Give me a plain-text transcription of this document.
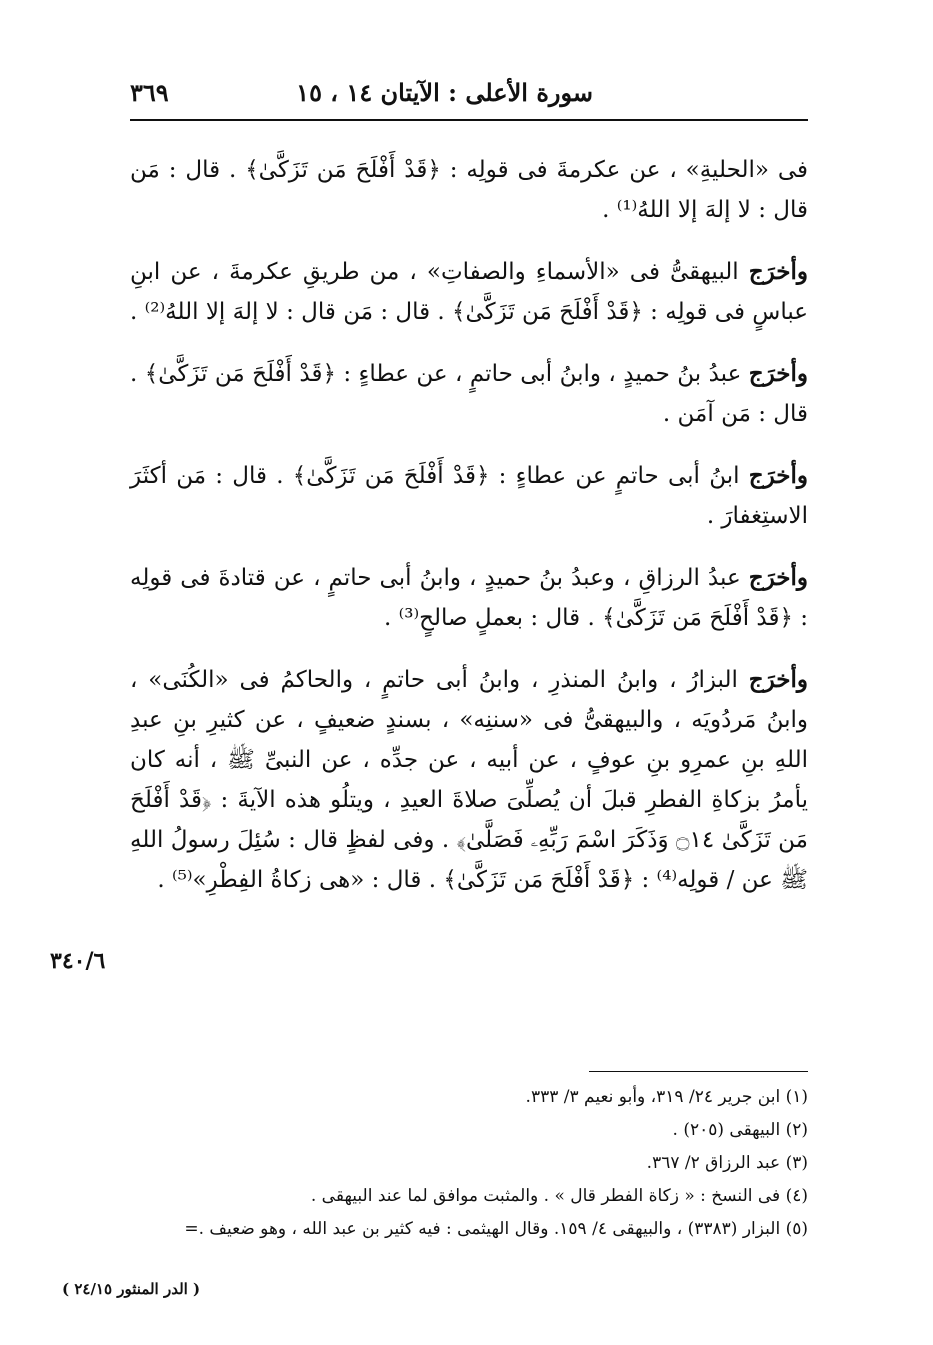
سورة الأعلى : الآيتان ١٤ ، ١٥
٣٦٩

فى «الحليةِ» ، عن عكرمةَ فى قولِه : ﴿قَدْ أَفْلَحَ مَن تَزَكَّىٰ﴾ . قال : مَن قال : لا إلهَ إلا اللهُ⁽¹⁾ .

وأخرَج البيهقىُّ فى «الأسماءِ والصفاتِ» ، من طريقِ عكرمةَ ، عن ابنِ عباسٍ فى قولِه : ﴿قَدْ أَفْلَحَ مَن تَزَكَّىٰ﴾ . قال : مَن قال : لا إلهَ إلا اللهُ⁽²⁾ .

وأخرَج عبدُ بنُ حميدٍ ، وابنُ أبى حاتمٍ ، عن عطاءٍ : ﴿قَدْ أَفْلَحَ مَن تَزَكَّىٰ﴾ . قال : مَن آمَن .

وأخرَج ابنُ أبى حاتمٍ عن عطاءٍ : ﴿قَدْ أَفْلَحَ مَن تَزَكَّىٰ﴾ . قال : مَن أكثَرَ الاستِغفارَ .

وأخرَج عبدُ الرزاقِ ، وعبدُ بنُ حميدٍ ، وابنُ أبى حاتمٍ ، عن قتادةَ فى قولِه : ﴿قَدْ أَفْلَحَ مَن تَزَكَّىٰ﴾ . قال : بعملٍ صالحٍ⁽³⁾ .

وأخرَج البزارُ ، وابنُ المنذرِ ، وابنُ أبى حاتمٍ ، والحاكمُ فى «الكُنَى» ، وابنُ مَردُويَه ، والبيهقىُّ فى «سننِه» ، بسندٍ ضعيفٍ ، عن كثيرِ بنِ عبدِ اللهِ بنِ عمرِو بنِ عوفٍ ، عن أبيه ، عن جدِّه ، عن النبىِّ ﷺ ، أنه كان يأمرُ بزكاةِ الفطرِ قبلَ أن يُصلِّىَ صلاةَ العيدِ ، ويتلُو هذه الآيةَ : ﴿قَدْ أَفْلَحَ مَن تَزَكَّىٰ ۝١٤ وَذَكَرَ اسْمَ رَبِّهِۦ فَصَلَّىٰ﴾ . وفى لفظٍ قال : سُئِلَ رسولُ اللهِ ﷺ عن / قولِه⁽⁴⁾ : ﴿قَدْ أَفْلَحَ مَن تَزَكَّىٰ﴾ . قال : «هى زكاةُ الفِطْرِ»⁽⁵⁾ .

٣٤٠/٦
(١) ابن جرير ٢٤/ ٣١٩، وأبو نعيم ٣/ ٣٣٣.
(٢) البيهقى (٢٠٥) .
(٣) عبد الرزاق ٢/ ٣٦٧.
(٤) فى النسخ : « زكاة الفطر قال » . والمثبت موافق لما عند البيهقى .
(٥) البزار (٣٣٨٣) ، والبيهقى ٤/ ١٥٩. وقال الهيثمى : فيه كثير بن عبد الله ، وهو ضعيف .=
( الدر المنثور ٢٤/١٥ )
